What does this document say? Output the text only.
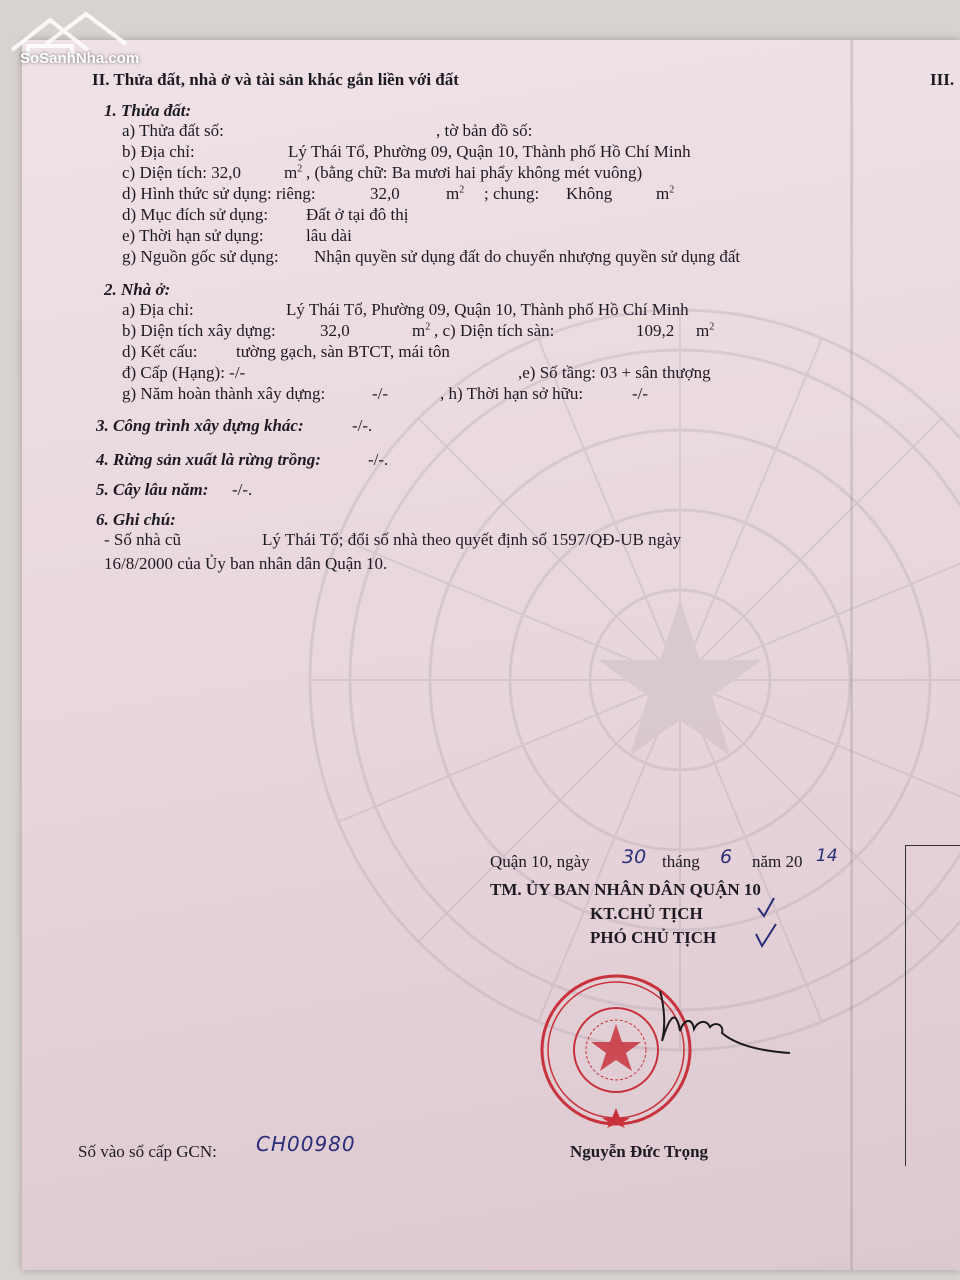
SoSanhNha.com
II. Thửa đất, nhà ở và tài sản khác gắn liền với đất	III.
1. Thửa đất:
a) Thửa đất số:	, tờ bản đồ số:
b) Địa chỉ:	Lý Thái Tổ, Phường 09, Quận 10, Thành phố Hồ Chí Minh
c) Diện tích: 32,0	$m^2$ , (bằng chữ: Ba mươi hai phẩy không mét vuông)
d) Hình thức sử dụng: riêng:	32,0	$m^2$ ; chung: Không	$m^2$
d) Mục đích sử dụng: Đất ở tại đô thị
e) Thời hạn sử dụng: lâu dài
g) Nguồn gốc sử dụng: Nhận quyền sử dụng đất do chuyển nhượng quyền sử dụng đất
2. Nhà ở:
a) Địa chỉ:	Lý Thái Tổ, Phường 09, Quận 10, Thành phố Hồ Chí Minh
b) Diện tích xây dựng:	32,0	$m^2$ , c) Diện tích sàn:	109,2 $m^2$
d) Kết cấu: tường gạch, sàn BTCT, mái tôn
đ) Cấp (Hạng): -/-	,e) Số tầng: 03 + sân thượng
g) Năm hoàn thành xây dựng:	-/-	, h) Thời hạn sở hữu:	-/-
3. Công trình xây dựng khác:	-/-.
4. Rừng sản xuất là rừng trồng:	-/-.
5. Cây lâu năm: -/-.
6. Ghi chú:
- Số nhà cũ	Lý Thái Tổ; đổi số nhà theo quyết định số 1597/QĐ-UB ngày
16/8/2000 của Ủy ban nhân dân Quận 10.
Quận 10, ngày 30 tháng 6 năm 20 14
TM. ỦY BAN NHÂN DÂN QUẬN 10
KT.CHỦ TỊCH
PHÓ CHỦ TỊCH
Nguyễn Đức Trọng
Số vào sổ cấp GCN: CH00980
